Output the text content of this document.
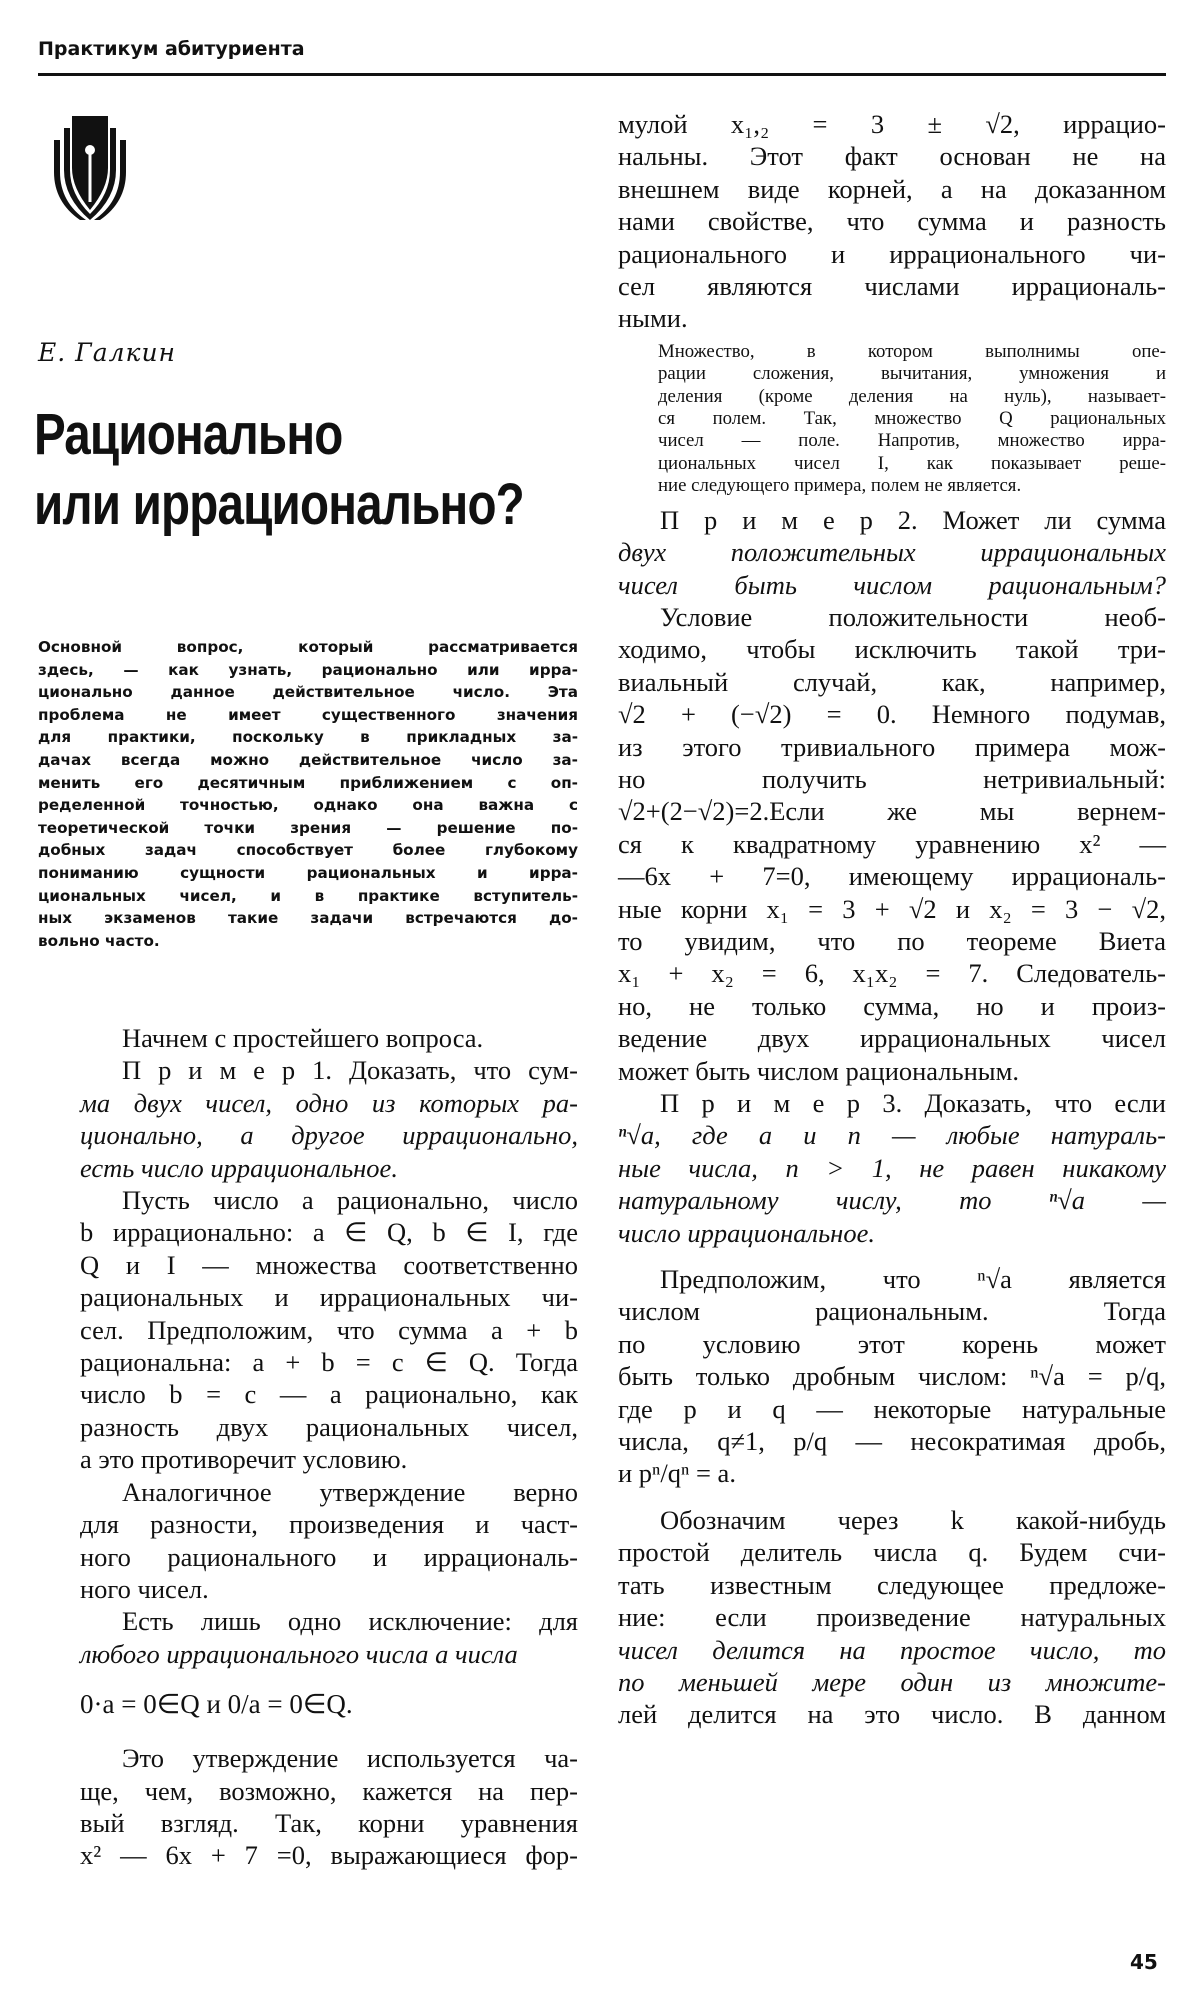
Практикум абитуриента
Е. Галкин
Рационально
или иррационально?
Основной вопрос, который рассматривается
здесь, — как узнать, рационально или ирра-
ционально данное действительное число. Эта
проблема не имеет существенного значения
для практики, поскольку в прикладных за-
дачах всегда можно действительное число за-
менить его десятичным приближением с оп-
ределенной точностью, однако она важна с
теоретической точки зрения — решение по-
добных задач способствует более глубокому
пониманию сущности рациональных и ирра-
циональных чисел, и в практике вступитель-
ных экзаменов такие задачи встречаются до-
вольно часто.
Начнем с простейшего вопроса.
П р и м е р 1. Доказать, что сум-
ма двух чисел, одно из которых ра-
ционально, а другое иррационально,
есть число иррациональное.
Пусть число a рационально, число
b иррационально: a ∈ Q, b ∈ I, где
Q и I — множества соответственно
рациональных и иррациональных чи-
сел. Предположим, что сумма a + b
рациональна: a + b = c ∈ Q. Тогда
число b = c — a рационально, как
разность двух рациональных чисел,
а это противоречит условию.
Аналогичное утверждение верно
для разности, произведения и част-
ного рационального и иррациональ-
ного чисел.
Есть лишь одно исключение: для
любого иррационального числа a числа
0·a = 0∈Q и 0/a = 0∈Q.
Это утверждение используется ча-
ще, чем, возможно, кажется на пер-
вый взгляд. Так, корни уравнения
x² — 6x + 7 =0, выражающиеся фор-
мулой x₁,₂ = 3 ± √2, иррацио-
нальны. Этот факт основан не на
внешнем виде корней, а на доказанном
нами свойстве, что сумма и разность
рационального и иррационального чи-
сел являются числами иррациональ-
ными.
Множество, в котором выполнимы опе-
рации сложения, вычитания, умножения и
деления (кроме деления на нуль), называет-
ся полем. Так, множество Q рациональных
чисел — поле. Напротив, множество ирра-
циональных чисел I, как показывает реше-
ние следующего примера, полем не является.
П р и м е р 2. Может ли сумма
двух положительных иррациональных
чисел быть числом рациональным?
Условие положительности необ-
ходимо, чтобы исключить такой три-
виальный случай, как, например,
√2 + (−√2) = 0. Немного подумав,
из этого тривиального примера мож-
но получить нетривиальный:
√2+(2−√2)=2.Если же мы вернем-
ся к квадратному уравнению x² —
—6x + 7=0, имеющему иррациональ-
ные корни x₁ = 3 + √2 и x₂ = 3 − √2,
то увидим, что по теореме Виета
x₁ + x₂ = 6, x₁x₂ = 7. Следователь-
но, не только сумма, но и произ-
ведение двух иррациональных чисел
может быть числом рациональным.
П р и м е р 3. Доказать, что если
ⁿ√a, где a и n — любые натураль-
ные числа, n > 1, не равен никакому
натуральному числу, то ⁿ√a —
число иррациональное.
Предположим, что ⁿ√a является
числом рациональным. Тогда
по условию этот корень может
быть только дробным числом: ⁿ√a = p/q,
где p и q — некоторые натуральные
числа, q≠1, p/q — несократимая дробь,
и pⁿ/qⁿ = a.
Обозначим через k какой-нибудь
простой делитель числа q. Будем счи-
тать известным следующее предложе-
ние: если произведение натуральных
чисел делится на простое число, то
по меньшей мере один из множите-
лей делится на это число. В данном
45
